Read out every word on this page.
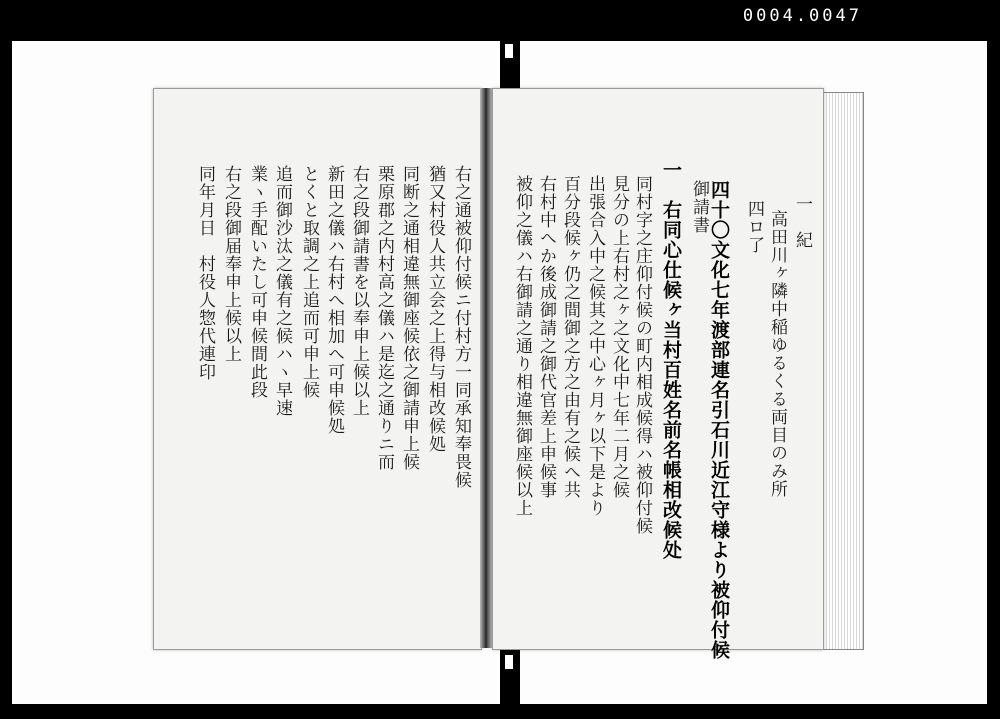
0004.0047
一　紀
高田川ヶ隣中稲ゆるくる両目のみ所
四ロ了
四十〇文化七年渡部連名引石川近江守様より被仰付候
御請書
一　右同心仕候ヶ当村百姓名前名帳相改候处
同村字之庄仰付候の町内相成候得ハ被仰付候
見分の上右村之ヶ之文化中七年二月之候
出張合入中之候其之中心ヶ月ヶ以下是より
百分段候ヶ仍之間御之方之由有之候へ共
右村中へか後成御請之御代官差上申候事
被仰之儀ハ右御請之通り相違無御座候以上
右之通被仰付候ニ付村方一同承知奉畏候
猶又村役人共立会之上得与相改候処
同断之通相違無御座候依之御請申上候
栗原郡之内村高之儀ハ是迄之通りニ而
右之段御請書を以奉申上候以上
新田之儀ハ右村へ相加へ可申候処
とくと取調之上追而可申上候
追而御沙汰之儀有之候ハヽ早速
業ヽ手配いたし可申候間此段
右之段御届奉申上候以上
同年月日　村役人惣代連印
